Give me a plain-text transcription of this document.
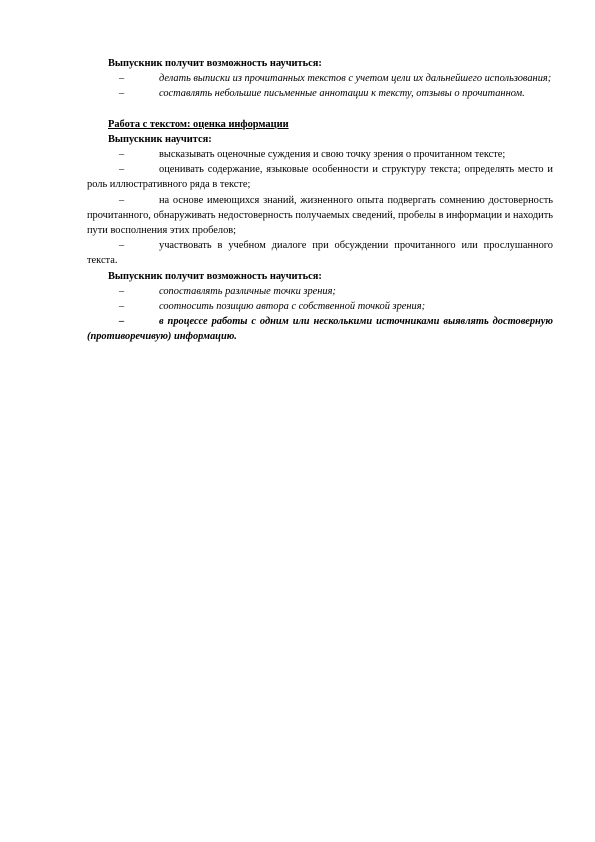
Выпускник получит возможность научиться:

–	делать выписки из прочитанных текстов с учетом цели их дальнейшего использования;

–	составлять небольшие письменные аннотации к тексту, отзывы о прочитанном.

Работа с текстом: оценка информации

Выпускник научится:

–	высказывать оценочные суждения и свою точку зрения о прочитанном тексте;

–	оценивать содержание, языковые особенности и структуру текста; определять место и роль иллюстративного ряда в тексте;

–	на основе имеющихся знаний, жизненного опыта подвергать сомнению достоверность прочитанного, обнаруживать недостоверность получаемых сведений, пробелы в информации и находить пути восполнения этих пробелов;

–	участвовать в учебном диалоге при обсуждении прочитанного или прослушанного текста.

Выпускник получит возможность научиться:

–	сопоставлять различные точки зрения;

–	соотносить позицию автора с собственной точкой зрения;

–	в процессе работы с одним или несколькими источниками выявлять достоверную (противоречивую) информацию.
